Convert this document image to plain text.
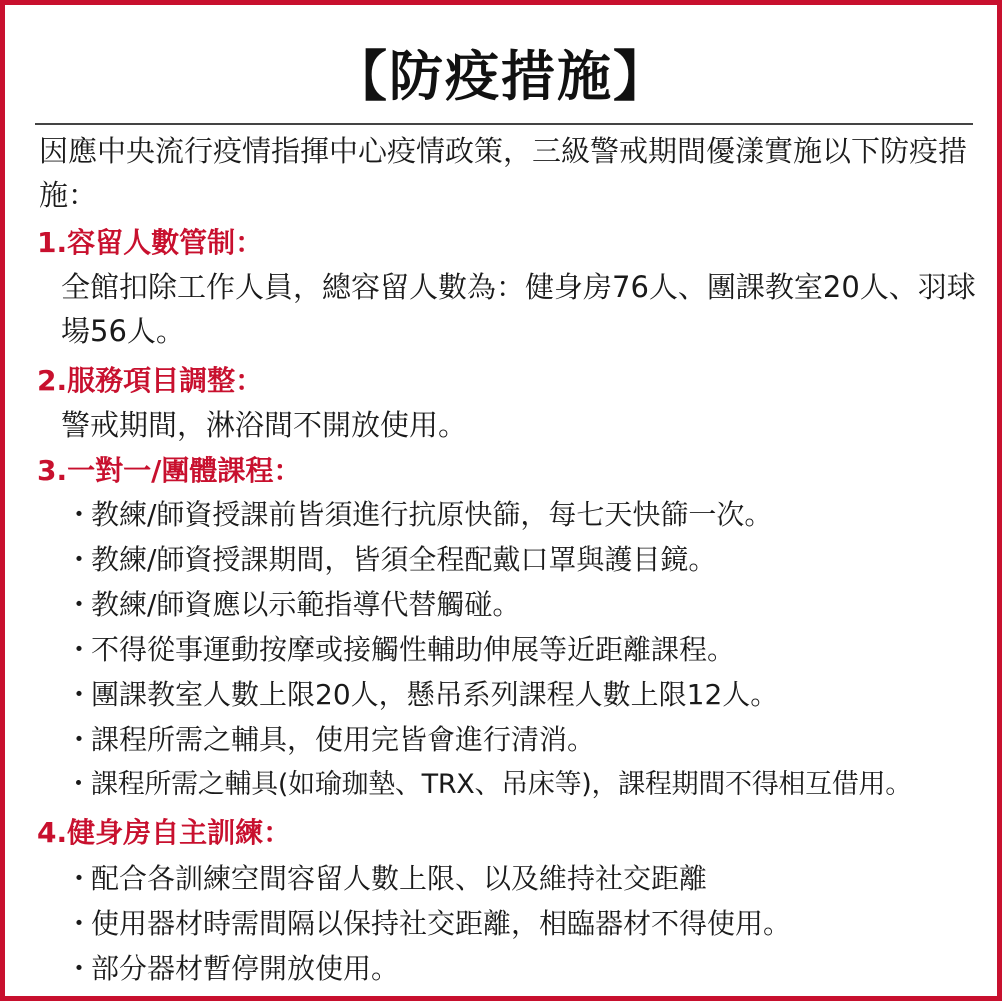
【防疫措施】
因應中央流行疫情指揮中心疫情政策，三級警戒期間優漾實施以下防疫措施：
1.容留人數管制：
全館扣除工作人員，總容留人數為：健身房76人、團課教室20人、羽球場56人。
2.服務項目調整：
警戒期間，淋浴間不開放使用。
3.一對一/團體課程：
・教練/師資授課前皆須進行抗原快篩，每七天快篩一次。
・教練/師資授課期間，皆須全程配戴口罩與護目鏡。
・教練/師資應以示範指導代替觸碰。
・不得從事運動按摩或接觸性輔助伸展等近距離課程。
・團課教室人數上限20人，懸吊系列課程人數上限12人。
・課程所需之輔具，使用完皆會進行清消。
・課程所需之輔具(如瑜珈墊、TRX、吊床等)，課程期間不得相互借用。
4.健身房自主訓練：
・配合各訓練空間容留人數上限、以及維持社交距離
・使用器材時需間隔以保持社交距離，相臨器材不得使用。
・部分器材暫停開放使用。
